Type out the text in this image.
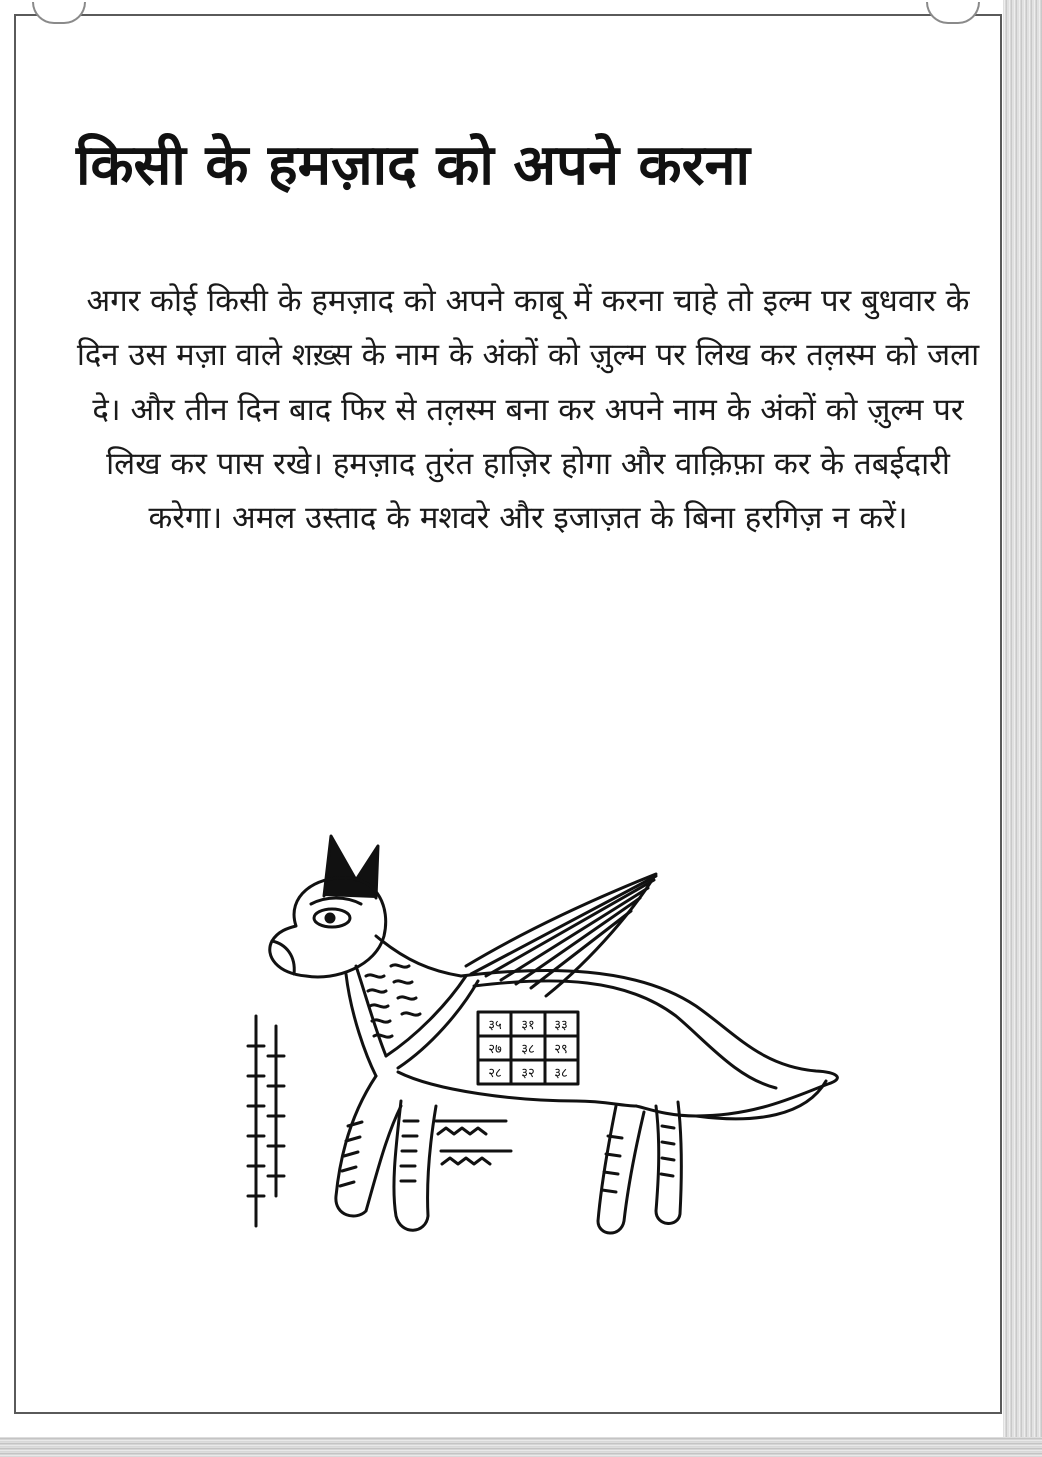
किसी के हमज़ाद को अपने करना

अगर कोई किसी के हमज़ाद को अपने काबू में करना चाहे तो इल्म पर बुधवार के दिन उस मज़ा वाले शख़्स के नाम के अंकों को ज़ुल्म पर लिख कर तल़स्म को जला दे। और तीन दिन बाद फिर से तल़स्म बना कर अपने नाम के अंकों को ज़ुल्म पर लिख कर पास रखे। हमज़ाद तुरंत हाज़िर होगा और वाक़िफ़ा कर के तबईदारी करेगा। अमल उस्ताद के मशवरे और इजाज़त के बिना हरगिज़ न करें।

३५ ३१ ३३
२७ ३८ २९
२८ ३२ ३८
